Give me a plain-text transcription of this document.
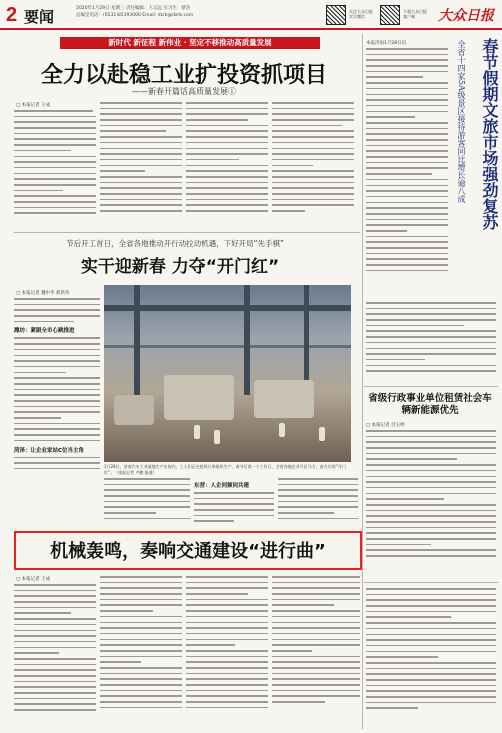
2 要闻	2020年1月29日 星期三 责任编辑：王志远 实习生：蔡浩
总编室电话：(0531)85193000 Email: dzrb@dzrb.com
关注大众日报 官方微信
下载大众日报 客户端	大众日报
新时代 新征程 新伟业 · 坚定不移推动高质量发展
全力以赴稳工业扩投资抓项目
——新春开篇话高质量发展①
□ 本报记者 王成	春节假期文旅市场强劲复苏
全省十四家5A级景区接待游客同比增长逾八成
本报济南1月28日讯
省级行政事业单位租赁社会车辆新能源优先
□ 本报记者 付玉婷
节后开工首日，全省各地推动开行动拉动机遇，下好开局“先手棋”
实干迎新春 力夺“开门红”
□ 本报记者 魏中华 郝洪伟
潍坊：紧跟全市心跳推进
菏泽：让企业家站C位当主角
1月28日，济南汽车工业基地生产车间内，工人们正在抢抓订单组织生产。春节后第一个工作日，全省各地企业开足马力，奋力实现“开门红”。（本报记者 卢鹏 报道）
东营：人企同频同共建
机械轰鸣，奏响交通建设“进行曲”
□ 本报记者 王成
